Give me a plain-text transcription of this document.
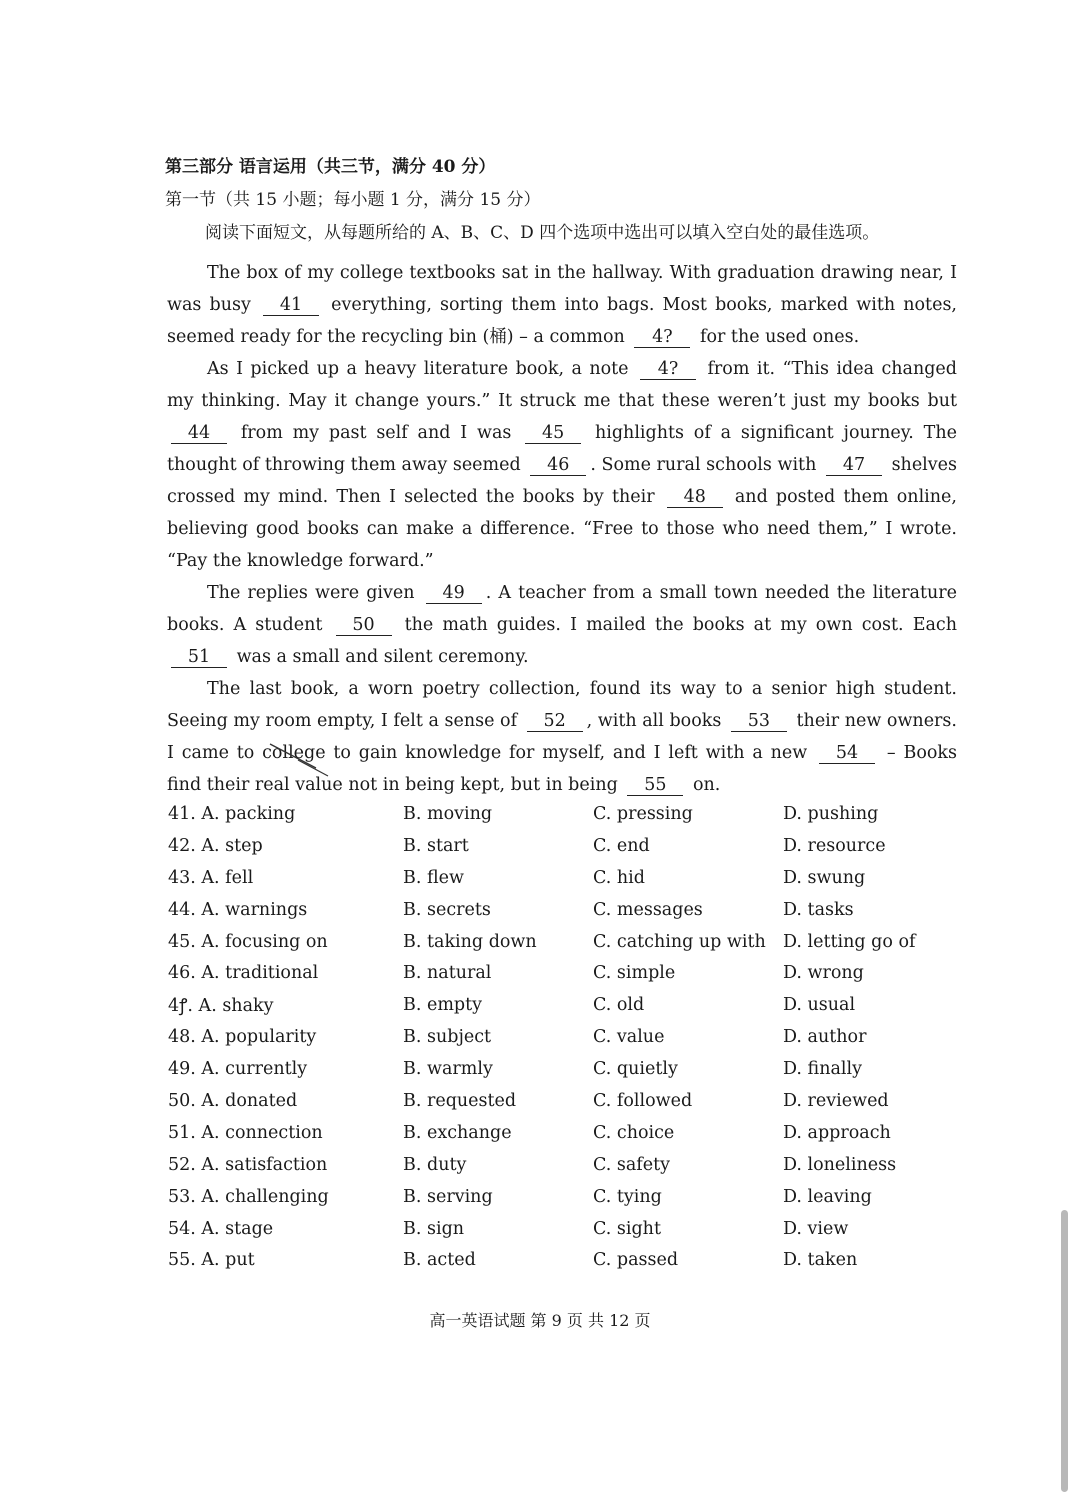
第三部分 语言运用（共三节，满分 40 分）
第一节（共 15 小题；每小题 1 分，满分 15 分）
阅读下面短文，从每题所给的 A、B、C、D 四个选项中选出可以填入空白处的最佳选项。

The box of my college textbooks sat in the hallway. With graduation drawing near, I was busy 41 everything, sorting them into bags. Most books, marked with notes, seemed ready for the recycling bin (桶) – a common 4? for the used ones.

As I picked up a heavy literature book, a note 4? from it. “This idea changed my thinking. May it change yours.” It struck me that these weren’t just my books but 44 from my past self and I was 45 highlights of a significant journey. The thought of throwing them away seemed 46 . Some rural schools with 47 shelves crossed my mind. Then I selected the books by their 48 and posted them online, believing good books can make a difference. “Free to those who need them,” I wrote. “Pay the knowledge forward.”

The replies were given 49 . A teacher from a small town needed the literature books. A student 50 the math guides. I mailed the books at my own cost. Each 51 was a small and silent ceremony.

The last book, a worn poetry collection, found its way to a senior high student. Seeing my room empty, I felt a sense of 52 , with all books 53 their new owners. I came to college to gain knowledge for myself, and I left with a new 54 – Books find their real value not in being kept, but in being 55 on.

41. A. packing	B. moving	C. pressing	D. pushing
42. A. step	B. start	C. end	D. resource
43. A. fell	B. flew	C. hid	D. swung
44. A. warnings	B. secrets	C. messages	D. tasks
45. A. focusing on	B. taking down	C. catching up with D. letting go of
46. A. traditional	B. natural	C. simple	D. wrong
4ꝭ. A. shaky	B. empty	C. old	D. usual
48. A. popularity	B. subject	C. value	D. author
49. A. currently	B. warmly	C. quietly	D. finally
50. A. donated	B. requested	C. followed	D. reviewed
51. A. connection	B. exchange	C. choice	D. approach
52. A. satisfaction	B. duty	C. safety	D. loneliness
53. A. challenging	B. serving	C. tying	D. leaving
54. A. stage	B. sign	C. sight	D. view
55. A. put	B. acted	C. passed	D. taken
高一英语试题 第 9 页 共 12 页
